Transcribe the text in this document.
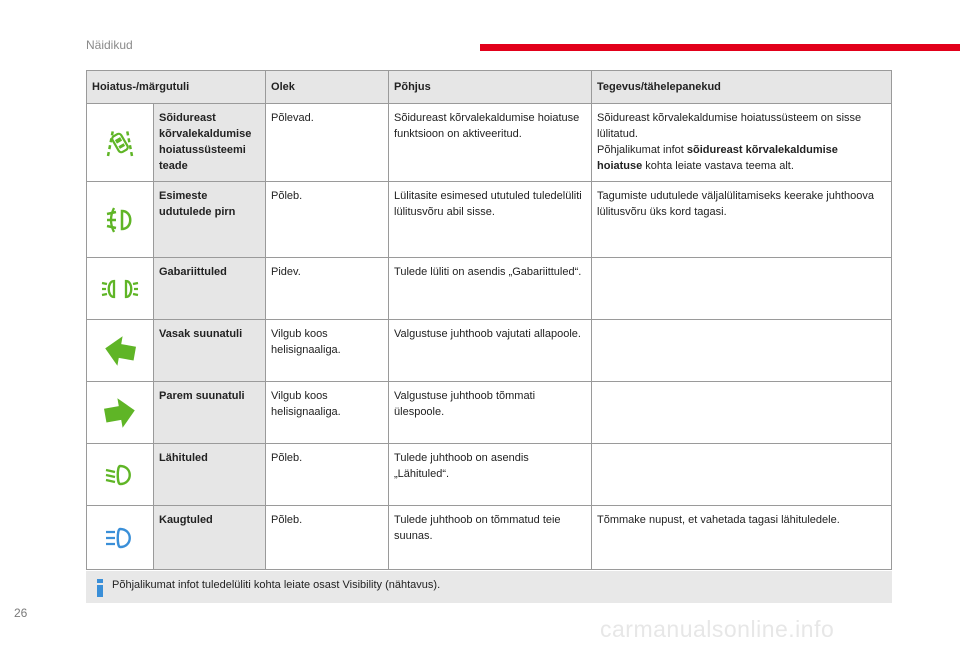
Näidikud
Hoiatus-/märgutuli		Olek	Põhjus	Tegevus/tähelepanekud

	Sõidureast kõrvalekaldumise hoiatussüsteemi teade	Põlevad.	Sõidureast kõrvalekaldumise hoiatuse funktsioon on aktiveeritud.	Sõidureast kõrvalekaldumise hoiatussüsteem on sisse lülitatud.
Põhjalikumat infot sõidureast kõrvalekaldumise hoiatuse kohta leiate vastava teema alt.

	Esimeste udutulede pirn	Põleb.	Lülitasite esimesed ututuled tuledelüliti lülitusvõru abil sisse.	Tagumiste udutulede väljalülitamiseks keerake juhthoova lülitusvõru üks kord tagasi.

	Gabariittuled	Pidev.	Tulede lüliti on asendis „Gabariittuled“.	

	Vasak suunatuli	Vilgub koos helisignaaliga.	Valgustuse juhthoob vajutati allapoole.	

	Parem suunatuli	Vilgub koos helisignaaliga.	Valgustuse juhthoob tõmmati ülespoole.	

	Lähituled	Põleb.	Tulede juhthoob on asendis „Lähituled“.	

	Kaugtuled	Põleb.	Tulede juhthoob on tõmmatud teie suunas.	Tõmmake nupust, et vahetada tagasi lähituledele.
Põhjalikumat infot tuledelüliti kohta leiate osast Visibility (nähtavus).
26
carmanualsonline.info
